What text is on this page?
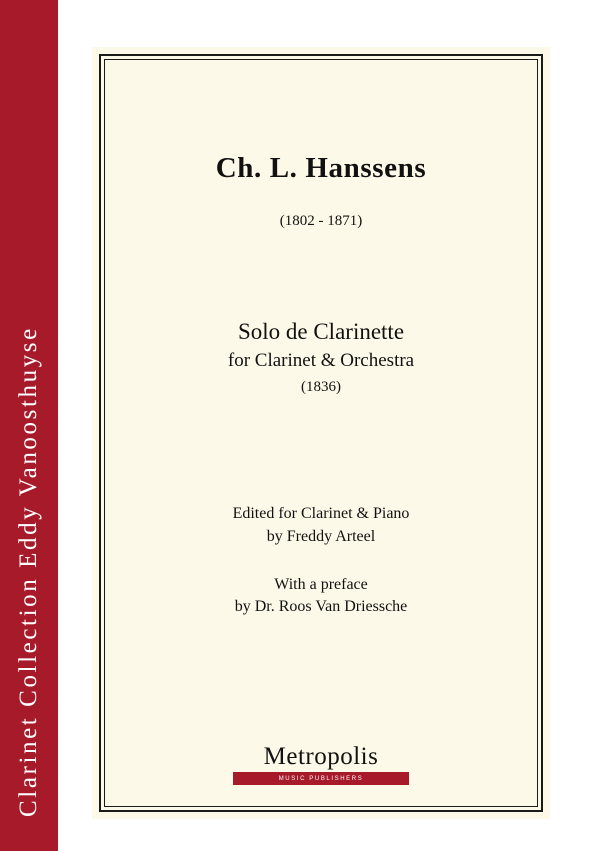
Clarinet Collection Eddy Vanoosthuyse
Ch. L. Hanssens
(1802 - 1871)
Solo de Clarinette
for Clarinet & Orchestra
(1836)
Edited for Clarinet & Piano
by Freddy Arteel
With a preface
by Dr. Roos Van Driessche
Metropolis
MUSIC PUBLISHERS
